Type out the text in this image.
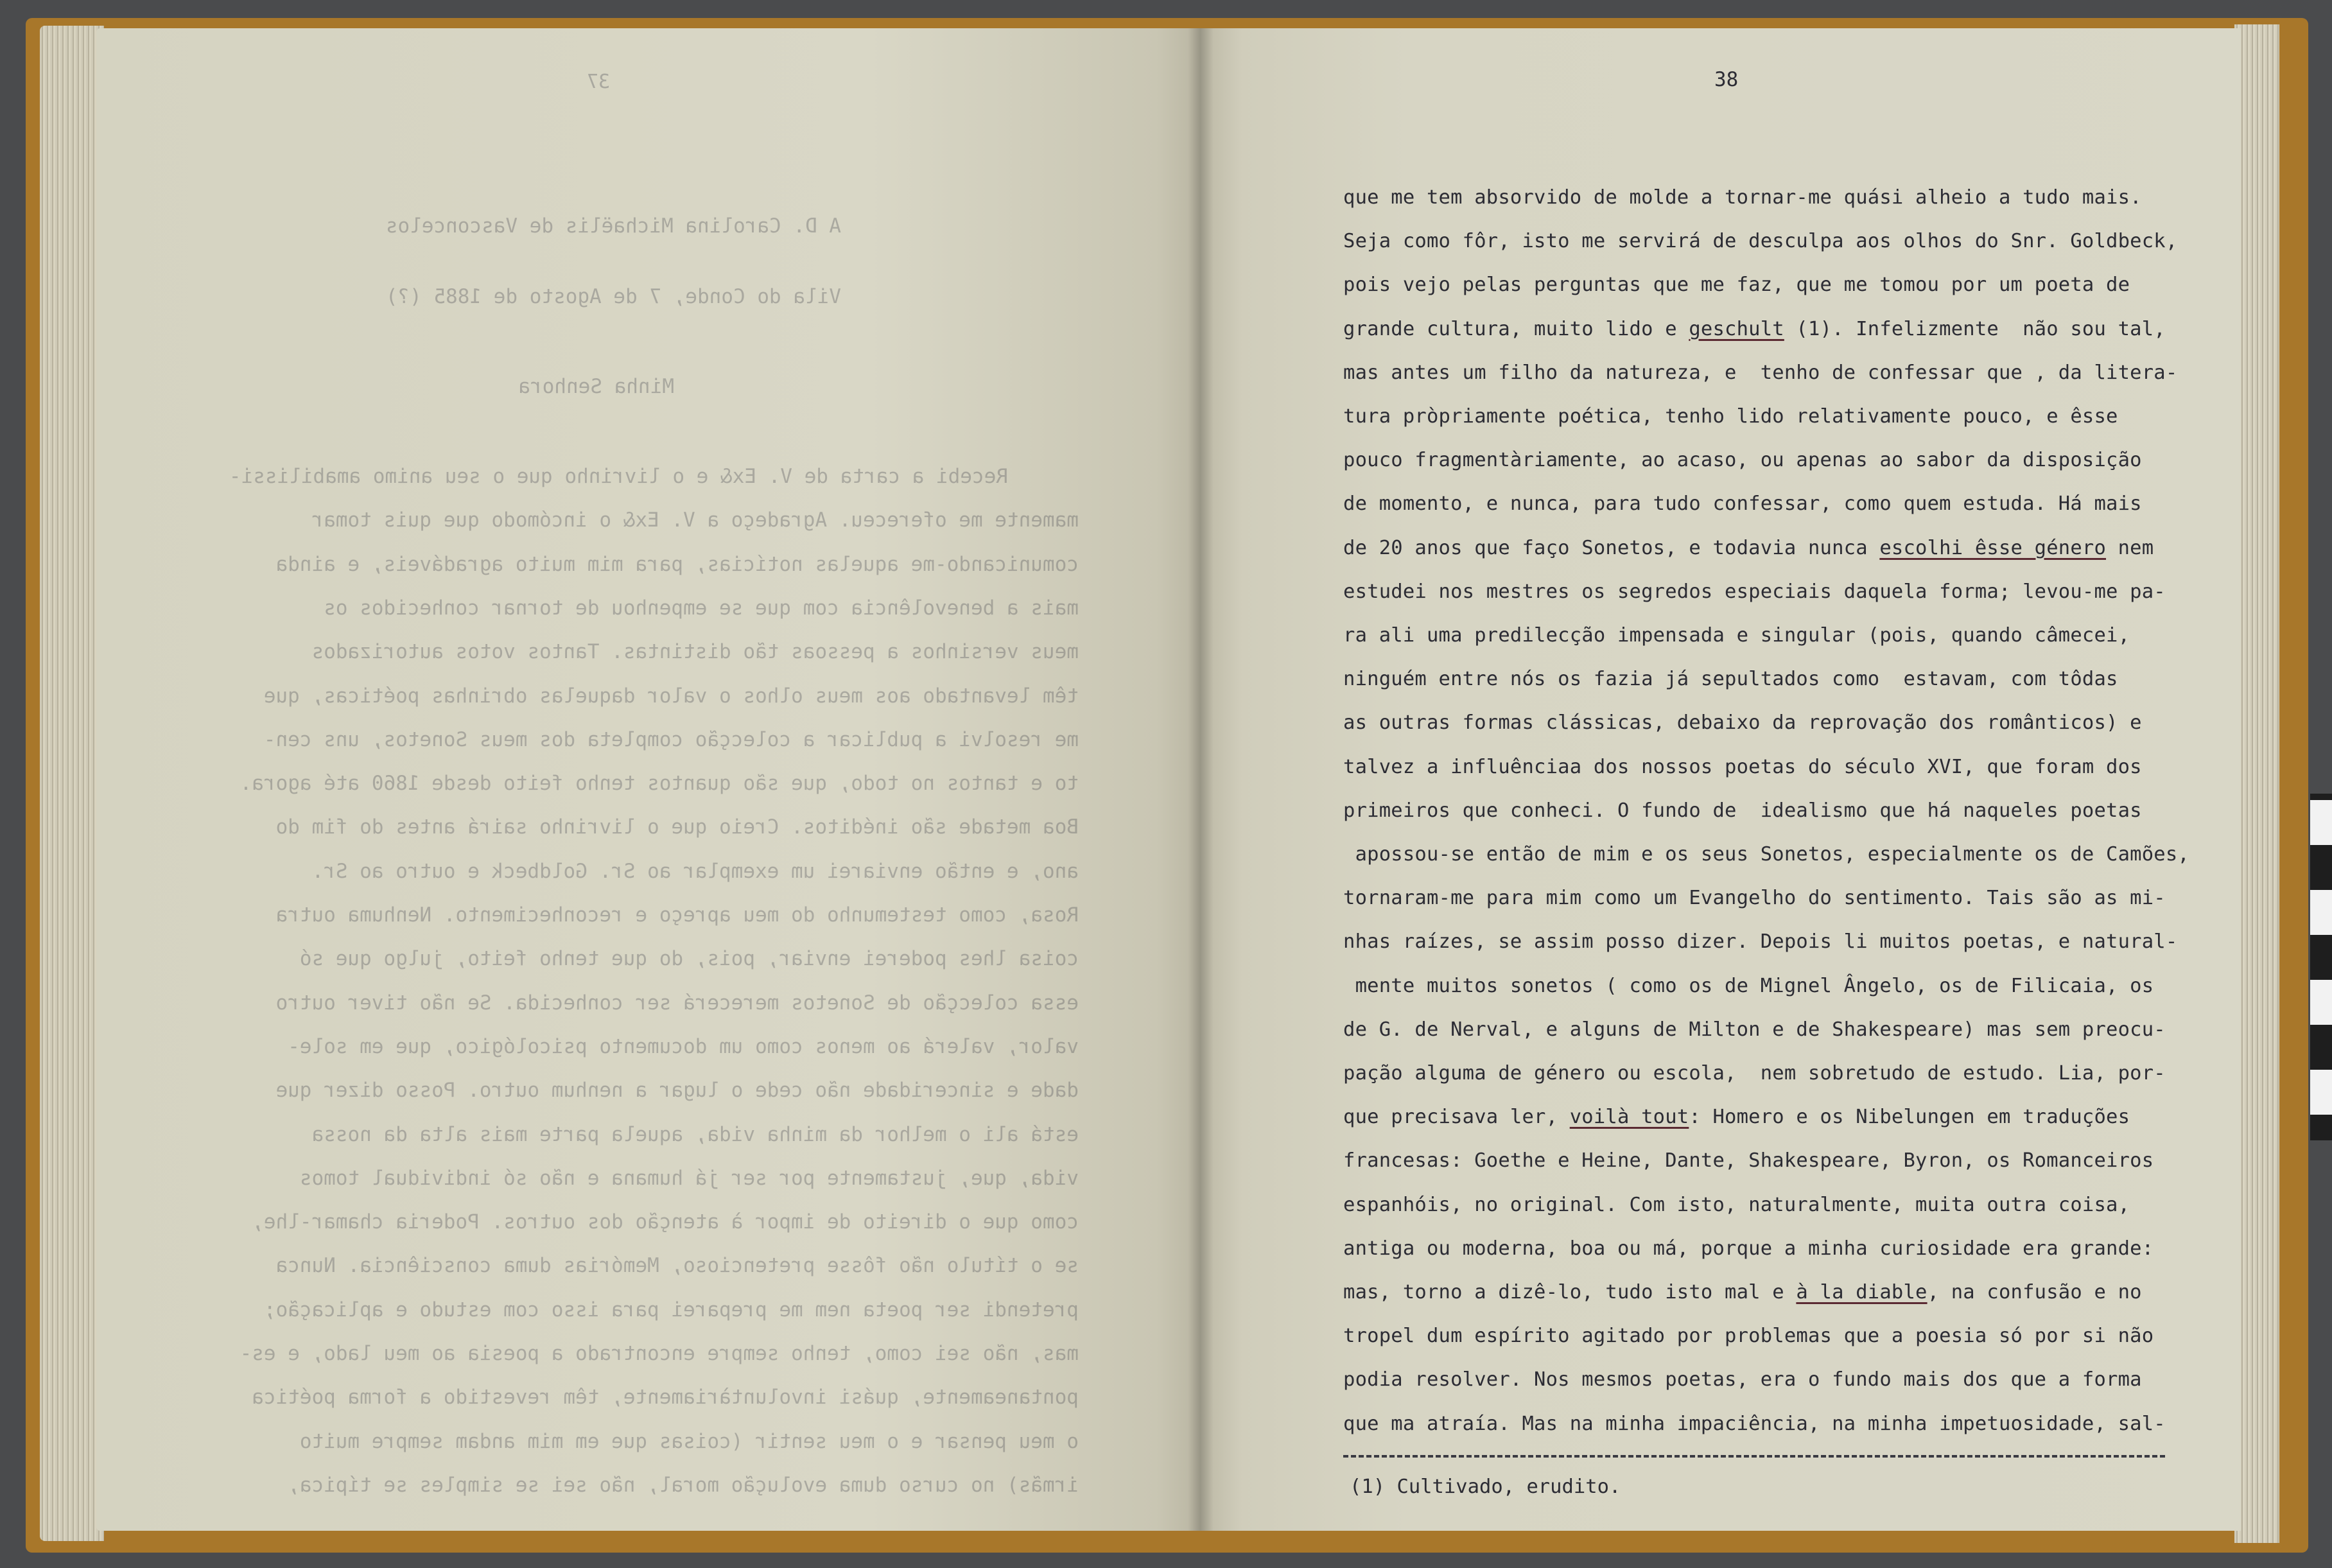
37
A D. Carolina Michaëlis de Vasconcelos
Vila do Conde, 7 de Agosto de 1885 (?)
Minha Senhora
Recebi a carta de V. Ex& e o livrinho que o seu animo amabilissi-
mamente me ofereceu. Agradeço a V. Ex& o incómodo que quis tomar
comunicando-me aquelas notícias, para mim muito agradáveis, e ainda
mais a benevolência com que se empenhou de tornar conhecidos os
meus versinhos a pessoas tão distintas. Tantos votos autorizados
têm levantado aos meus olhos o valor daquelas obrinhas poéticas, que
me resolvi a publicar a colecção completa dos meus Sonetos, uns cen-
to e tantos no todo, que são quantos tenho feito desde 1860 até agora.
Boa metade são inéditos. Creio que o livrinho sairá antes do fim do
ano, e então enviarei um exemplar ao Sr. Goldbeck e outro ao Sr.
Rosa, como testemunho do meu apreço e reconhecimento. Nenhuma outra
coisa lhes poderei enviar, pois, do que tenho feito, julgo que só
essa colecção de Sonetos merecerá ser conhecida. Se não tiver outro
valor, valerá ao menos como um documento psicológico, que em sole-
dade e sinceridade não cede o lugar a nenhum outro. Posso dizer que
está ali o melhor da minha vida, aquela parte mais alta da nossa
vida, que, justamente por ser já humana e não só individual tomos
como que o direito de impor à atenção dos outros. Poderia chamar-lhe,
se o título não fôsse pretencioso, Memórias duma consciência. Nunca
pretendi ser poeta nem me preparei para isso com estudo e aplicação;
mas, não sei como, tenho sempre encontrado a poesia ao meu lado, e es-
pontaneamente, quási involuntàriamente, têm revestido a forma poética
o meu pensar e o meu sentir (coisas que em mim andam sempre muito
irmãs) no curso duma evolução moral, não sei se simples se típica,
38
que me tem absorvido de molde a tornar-me quási alheio a tudo mais.
Seja como fôr, isto me servirá de desculpa aos olhos do Snr. Goldbeck,
pois vejo pelas perguntas que me faz, que me tomou por um poeta de
grande cultura, muito lido e geschult (1). Infelizmente  não sou tal,
mas antes um filho da natureza, e  tenho de confessar que , da litera-
tura pròpriamente poética, tenho lido relativamente pouco, e êsse
pouco fragmentàriamente, ao acaso, ou apenas ao sabor da disposição
de momento, e nunca, para tudo confessar, como quem estuda. Há mais
de 20 anos que faço Sonetos, e todavia nunca escolhi êsse género nem
estudei nos mestres os segredos especiais daquela forma; levou-me pa-
ra ali uma predilecção impensada e singular (pois, quando câmecei,
ninguém entre nós os fazia já sepultados como  estavam, com tôdas
as outras formas clássicas, debaixo da reprovação dos românticos) e
talvez a influênciaa dos nossos poetas do século XVI, que foram dos
primeiros que conheci. O fundo de  idealismo que há naqueles poetas
apossou-se então de mim e os seus Sonetos, especialmente os de Camões,
tornaram-me para mim como um Evangelho do sentimento. Tais são as mi-
nhas raízes, se assim posso dizer. Depois li muitos poetas, e natural-
mente muitos sonetos ( como os de Mignel Ângelo, os de Filicaia, os
de G. de Nerval, e alguns de Milton e de Shakespeare) mas sem preocu-
pação alguma de género ou escola,  nem sobretudo de estudo. Lia, por-
que precisava ler, voilà tout: Homero e os Nibelungen em traduções
francesas: Goethe e Heine, Dante, Shakespeare, Byron, os Romanceiros
espanhóis, no original. Com isto, naturalmente, muita outra coisa,
antiga ou moderna, boa ou má, porque a minha curiosidade era grande:
mas, torno a dizê-lo, tudo isto mal e à la diable, na confusão e no
tropel dum espírito agitado por problemas que a poesia só por si não
podia resolver. Nos mesmos poetas, era o fundo mais dos que a forma
que ma atraía. Mas na minha impaciência, na minha impetuosidade, sal-
(1) Cultivado, erudito.
